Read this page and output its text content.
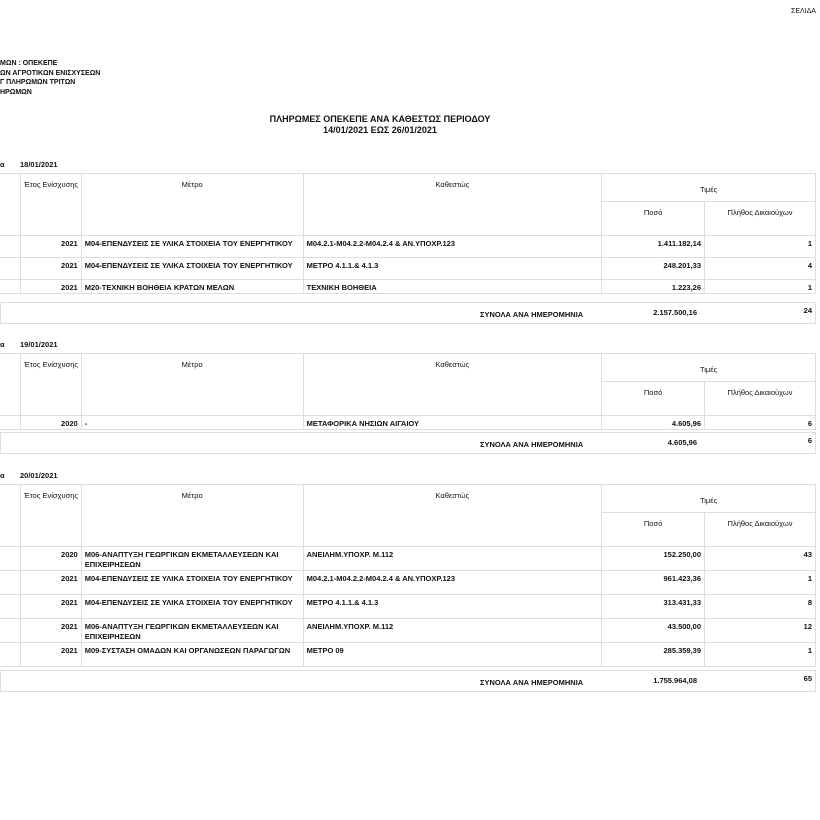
ΣΕΛΙΔΑ
ΜΩΝ : ΟΠΕΚΕΠΕ
ΩΝ ΑΓΡΟΤΙΚΩΝ ΕΝΙΣΧΥΣΕΩΝ
Γ ΠΛΗΡΩΜΩΝ ΤΡΙΤΩΝ
ΗΡΩΜΩΝ
ΠΛΗΡΩΜΕΣ ΟΠΕΚΕΠΕ ΑΝΑ ΚΑΘΕΣΤΩΣ ΠΕΡΙΟΔΟΥ
14/01/2021 ΕΩΣ 26/01/2021
α 18/01/2021
	Έτος Ενίσχυσης	Μέτρο	Καθεστώς	Τιμές	
				Ποσό	Πλήθος Δικαιούχων
	2021	Μ04-ΕΠΕΝΔΥΣΕΙΣ ΣΕ ΥΛΙΚΑ ΣΤΟΙΧΕΙΑ ΤΟΥ ΕΝΕΡΓΗΤΙΚΟΥ	Μ04.2.1-Μ04.2.2-Μ04.2.4 & ΑΝ.ΥΠΟΧΡ.123	1.411.182,14	1
	2021	Μ04-ΕΠΕΝΔΥΣΕΙΣ ΣΕ ΥΛΙΚΑ ΣΤΟΙΧΕΙΑ ΤΟΥ ΕΝΕΡΓΗΤΙΚΟΥ	ΜΕΤΡΟ 4.1.1.& 4.1.3	248.201,33	4
	2021	Μ20-ΤΕΧΝΙΚΗ ΒΟΗΘΕΙΑ ΚΡΑΤΩΝ ΜΕΛΩΝ	ΤΕΧΝΙΚΗ ΒΟΗΘΕΙΑ	1.223,26	1
ΣΥΝΟΛΑ ΑΝΑ ΗΜΕΡΟΜΗΝΙΑ	2.157.500,16	24
α 19/01/2021
	Έτος Ενίσχυσης	Μέτρο	Καθεστώς	Τιμές	
				Ποσό	Πλήθος Δικαιούχων
	2020	-	ΜΕΤΑΦΟΡΙΚΑ ΝΗΣΙΩΝ ΑΙΓΑΙΟΥ	4.605,96	6
ΣΥΝΟΛΑ ΑΝΑ ΗΜΕΡΟΜΗΝΙΑ	4.605,96	6
α 20/01/2021
	Έτος Ενίσχυσης	Μέτρο	Καθεστώς	Τιμές	
				Ποσό	Πλήθος Δικαιούχων
	2020	Μ06-ΑΝΑΠΤΥΞΗ ΓΕΩΡΓΙΚΩΝ ΕΚΜΕΤΑΛΛΕΥΣΕΩΝ ΚΑΙ ΕΠΙΧΕΙΡΗΣΕΩΝ	ΑΝΕΙΛΗΜ.ΥΠΟΧΡ. Μ.112	152.250,00	43
	2021	Μ04-ΕΠΕΝΔΥΣΕΙΣ ΣΕ ΥΛΙΚΑ ΣΤΟΙΧΕΙΑ ΤΟΥ ΕΝΕΡΓΗΤΙΚΟΥ	Μ04.2.1-Μ04.2.2-Μ04.2.4 & ΑΝ.ΥΠΟΧΡ.123	961.423,36	1
	2021	Μ04-ΕΠΕΝΔΥΣΕΙΣ ΣΕ ΥΛΙΚΑ ΣΤΟΙΧΕΙΑ ΤΟΥ ΕΝΕΡΓΗΤΙΚΟΥ	ΜΕΤΡΟ 4.1.1.& 4.1.3	313.431,33	8
	2021	Μ06-ΑΝΑΠΤΥΞΗ ΓΕΩΡΓΙΚΩΝ ΕΚΜΕΤΑΛΛΕΥΣΕΩΝ ΚΑΙ ΕΠΙΧΕΙΡΗΣΕΩΝ	ΑΝΕΙΛΗΜ.ΥΠΟΧΡ. Μ.112	43.500,00	12
	2021	Μ09-ΣΥΣΤΑΣΗ ΟΜΑΔΩΝ ΚΑΙ ΟΡΓΑΝΩΣΕΩΝ ΠΑΡΑΓΩΓΩΝ	ΜΕΤΡΟ 09	285.359,39	1
ΣΥΝΟΛΑ ΑΝΑ ΗΜΕΡΟΜΗΝΙΑ	1.755.964,08	65
